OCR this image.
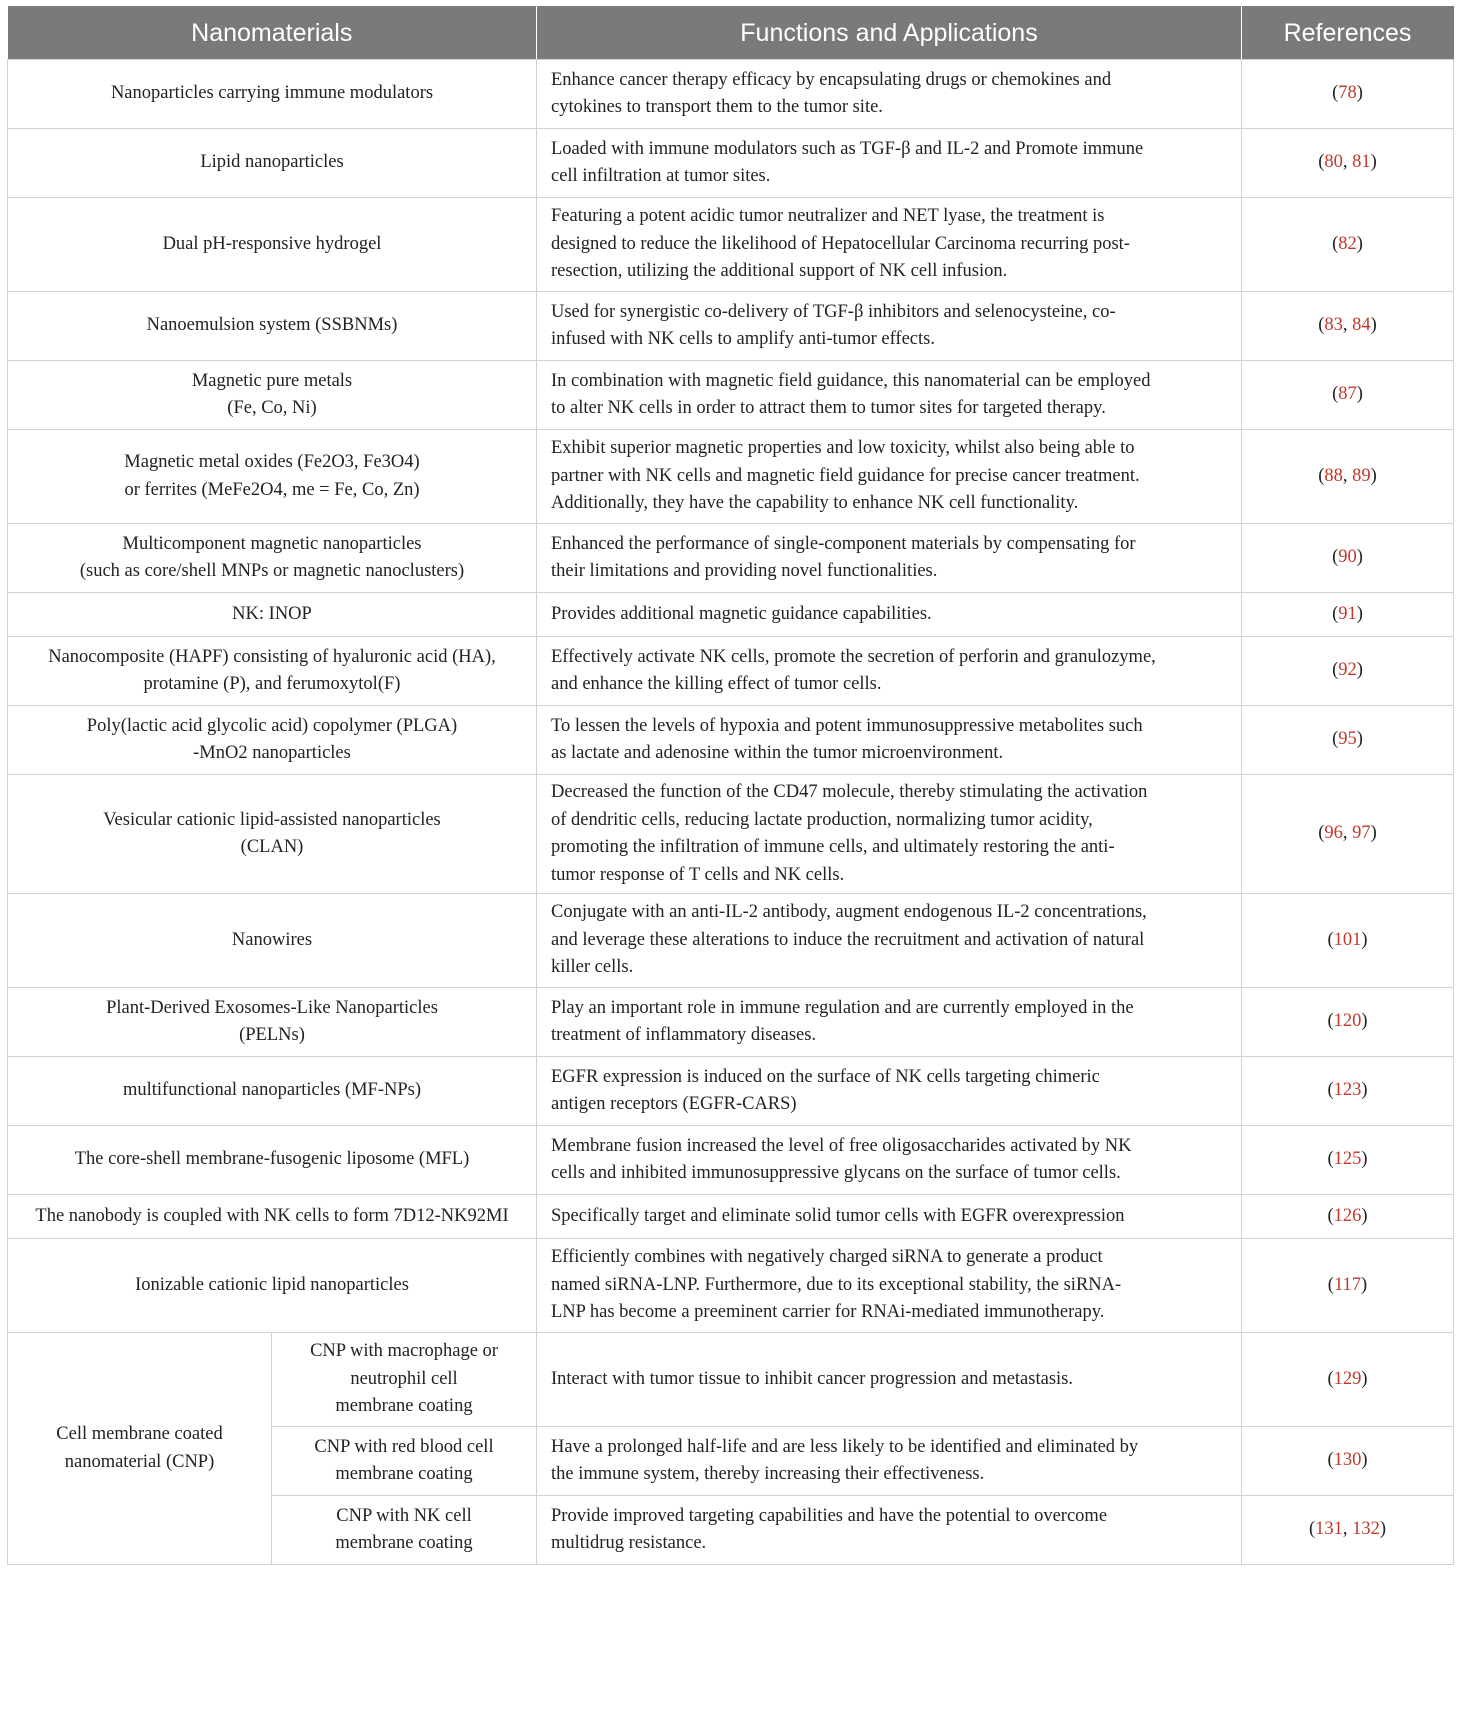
Nanomaterials		Functions and Applications	References

Nanoparticles carrying immune modulators		Enhance cancer therapy efficacy by encapsulating drugs or chemokines and
cytokines to transport them to the tumor site.	(78)

Lipid nanoparticles		Loaded with immune modulators such as TGF-β and IL-2 and Promote immune
cell infiltration at tumor sites.	(80, 81)

Dual pH-responsive hydrogel		Featuring a potent acidic tumor neutralizer and NET lyase, the treatment is
designed to reduce the likelihood of Hepatocellular Carcinoma recurring post-
resection, utilizing the additional support of NK cell infusion.	(82)

Nanoemulsion system (SSBNMs)		Used for synergistic co-delivery of TGF-β inhibitors and selenocysteine, co-
infused with NK cells to amplify anti-tumor effects.	(83, 84)

Magnetic pure metals
(Fe, Co, Ni)		In combination with magnetic field guidance, this nanomaterial can be employed
to alter NK cells in order to attract them to tumor sites for targeted therapy.	(87)

Magnetic metal oxides (Fe2O3, Fe3O4)
or ferrites (MeFe2O4, me = Fe, Co, Zn)		Exhibit superior magnetic properties and low toxicity, whilst also being able to
partner with NK cells and magnetic field guidance for precise cancer treatment.
Additionally, they have the capability to enhance NK cell functionality.	(88, 89)

Multicomponent magnetic nanoparticles
(such as core/shell MNPs or magnetic nanoclusters)		Enhanced the performance of single-component materials by compensating for
their limitations and providing novel functionalities.	(90)

NK: INOP		Provides additional magnetic guidance capabilities.	(91)

Nanocomposite (HAPF) consisting of hyaluronic acid (HA),
protamine (P), and ferumoxytol(F)		Effectively activate NK cells, promote the secretion of perforin and granulozyme,
and enhance the killing effect of tumor cells.	(92)

Poly(lactic acid glycolic acid) copolymer (PLGA)
-MnO2 nanoparticles		To lessen the levels of hypoxia and potent immunosuppressive metabolites such
as lactate and adenosine within the tumor microenvironment.	(95)

Vesicular cationic lipid-assisted nanoparticles
(CLAN)		Decreased the function of the CD47 molecule, thereby stimulating the activation
of dendritic cells, reducing lactate production, normalizing tumor acidity,
promoting the infiltration of immune cells, and ultimately restoring the anti-
tumor response of T cells and NK cells.	(96, 97)

Nanowires		Conjugate with an anti-IL-2 antibody, augment endogenous IL-2 concentrations,
and leverage these alterations to induce the recruitment and activation of natural
killer cells.	(101)

Plant-Derived Exosomes-Like Nanoparticles
(PELNs)		Play an important role in immune regulation and are currently employed in the
treatment of inflammatory diseases.	(120)

multifunctional nanoparticles (MF-NPs)		EGFR expression is induced on the surface of NK cells targeting chimeric
antigen receptors (EGFR-CARS)	(123)

The core-shell membrane-fusogenic liposome (MFL)		Membrane fusion increased the level of free oligosaccharides activated by NK
cells and inhibited immunosuppressive glycans on the surface of tumor cells.	(125)

The nanobody is coupled with NK cells to form 7D12-NK92MI		Specifically target and eliminate solid tumor cells with EGFR overexpression	(126)

Ionizable cationic lipid nanoparticles		Efficiently combines with negatively charged siRNA to generate a product
named siRNA-LNP. Furthermore, due to its exceptional stability, the siRNA-
LNP has become a preeminent carrier for RNAi-mediated immunotherapy.	(117)

Cell membrane coated
nanomaterial (CNP)	CNP with macrophage or
neutrophil cell
membrane coating	Interact with tumor tissue to inhibit cancer progression and metastasis.	(129)

	CNP with red blood cell
membrane coating	Have a prolonged half-life and are less likely to be identified and eliminated by
the immune system, thereby increasing their effectiveness.	(130)

	CNP with NK cell
membrane coating	Provide improved targeting capabilities and have the potential to overcome
multidrug resistance.	(131, 132)
